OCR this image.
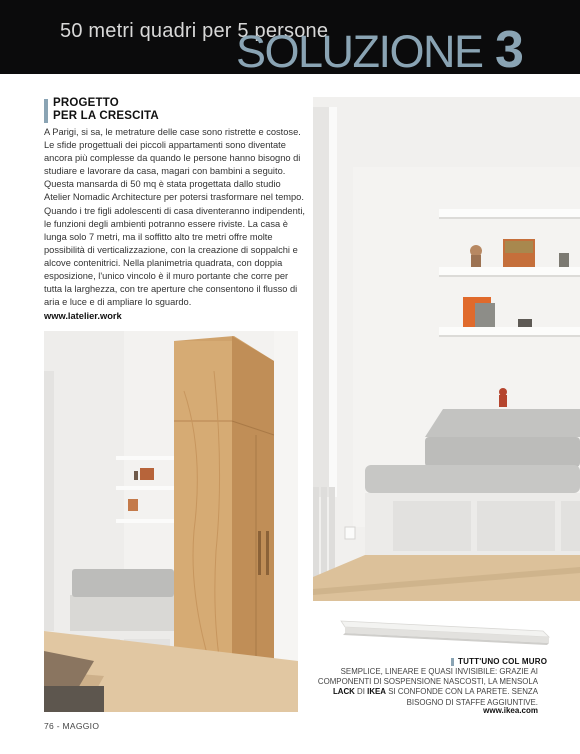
50 metri quadri per 5 persone
SOLUZIONE 3
PROGETTO
PER LA CRESCITA
A Parigi, si sa, le metrature delle case sono ristrette e costose. Le sfide progettuali dei piccoli appartamenti sono diventate ancora più complesse da quando le persone hanno bisogno di studiare e lavorare da casa, magari con bambini a seguito. Questa mansarda di 50 mq è stata progettata dallo studio Atelier Nomadic Architecture per potersi trasformare nel tempo. Quando i tre figli adolescenti di casa diventeranno indipendenti, le funzioni degli ambienti potranno essere riviste. La casa è lunga solo 7 metri, ma il soffitto alto tre metri offre molte possibilità di verticalizzazione, con la creazione di soppalchi e alcove contenitrici. Nella planimetria quadrata, con doppia esposizione, l'unico vincolo è il muro portante che corre per tutta la larghezza, con tre aperture che consentono il flusso di aria e luce e di ampliare lo sguardo.
www.latelier.work
TUTT'UNO COL MURO
SEMPLICE, LINEARE E QUASI INVISIBILE: GRAZIE AI COMPONENTI DI SOSPENSIONE NASCOSTI, LA MENSOLA LACK DI IKEA SI CONFONDE CON LA PARETE. SENZA BISOGNO DI STAFFE AGGIUNTIVE.
www.ikea.com
76 - MAGGIO
